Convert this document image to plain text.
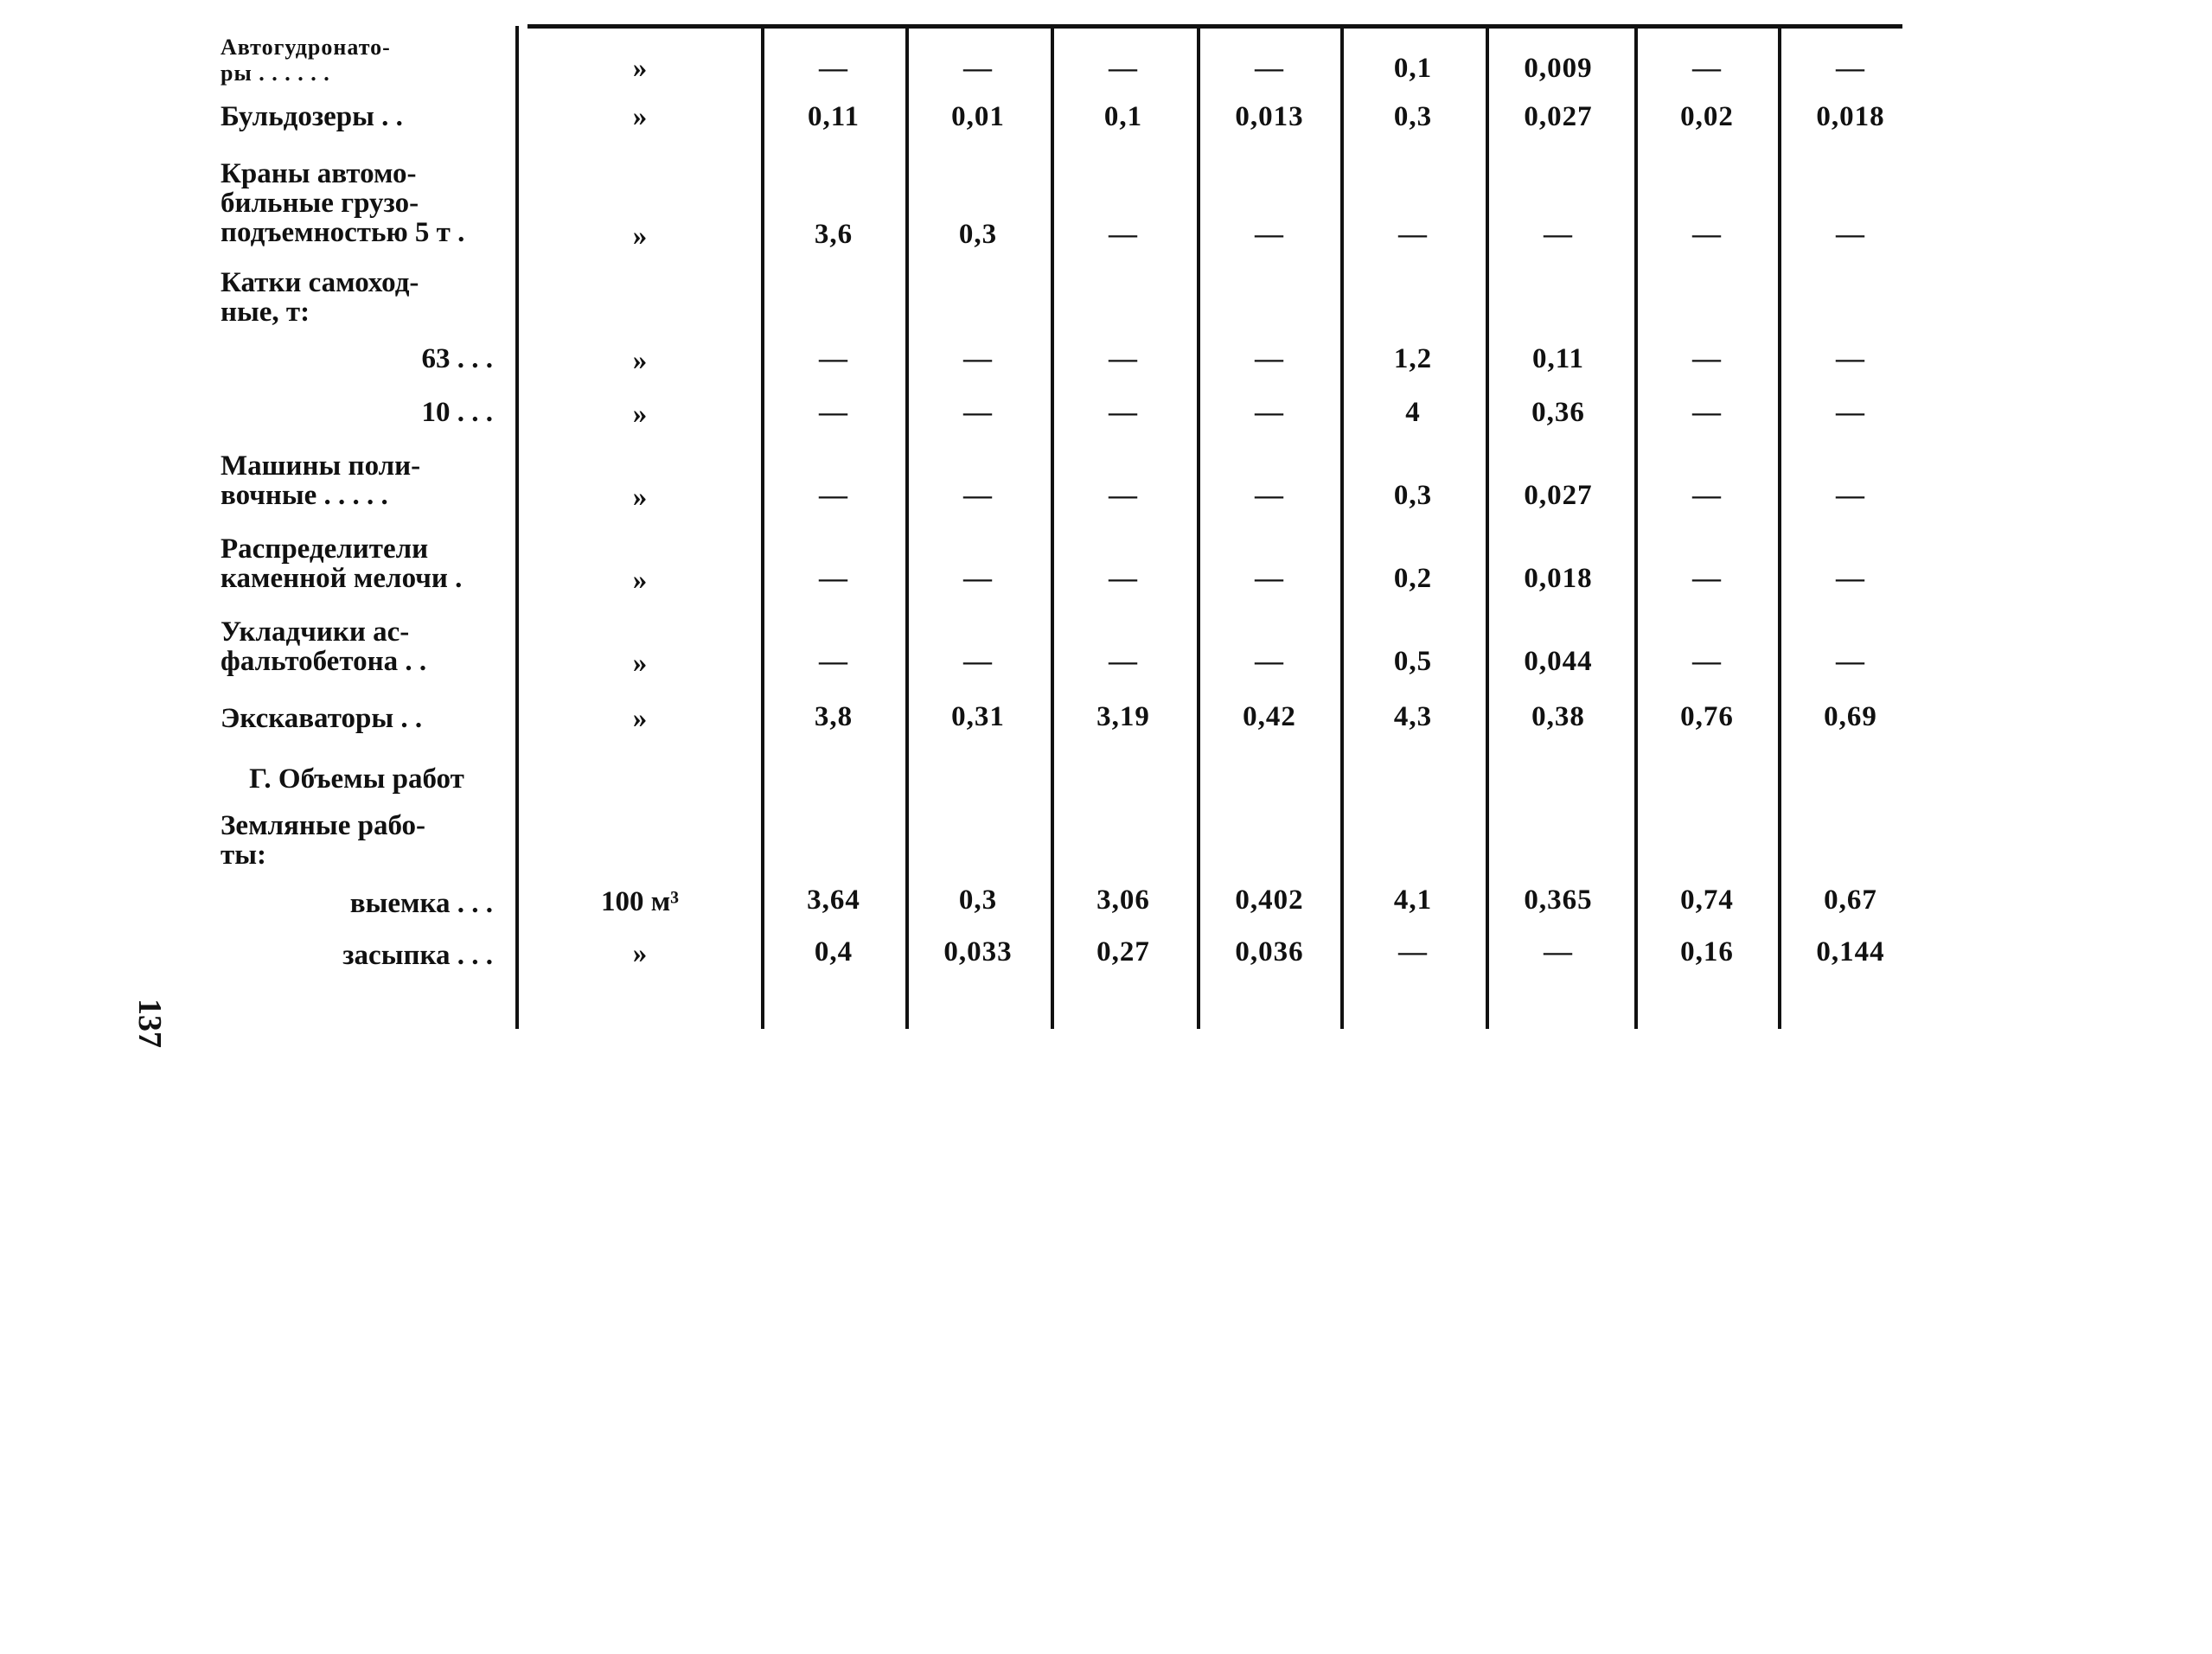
Автогудронато-
ры . . . . . .	»	—	—	—	—	0,1	0,009	—	—
Бульдозеры . .	»	0,11	0,01	0,1	0,013	0,3	0,027	0,02	0,018
Краны автомо-
бильные грузо-
подъемностью 5 т .	»	3,6	0,3	—	—	—	—	—	—
Катки самоход-
ные, т:
63 . . .	»	—	—	—	—	1,2	0,11	—	—
10 . . .	»	—	—	—	—	4	0,36	—	—
Машины поли-
вочные . . . . .	»	—	—	—	—	0,3	0,027	—	—
Распределители
каменной мелочи .	»	—	—	—	—	0,2	0,018	—	—
Укладчики ас-
фальтобетона . .	»	—	—	—	—	0,5	0,044	—	—
Экскаваторы . .	»	3,8	0,31	3,19	0,42	4,3	0,38	0,76	0,69
Г. Объемы работ
Земляные рабо-
ты:
выемка . . .	100 м³	3,64	0,3	3,06	0,402	4,1	0,365	0,74	0,67
засыпка . . .	»	0,4	0,033	0,27	0,036	—	—	0,16	0,144
137
